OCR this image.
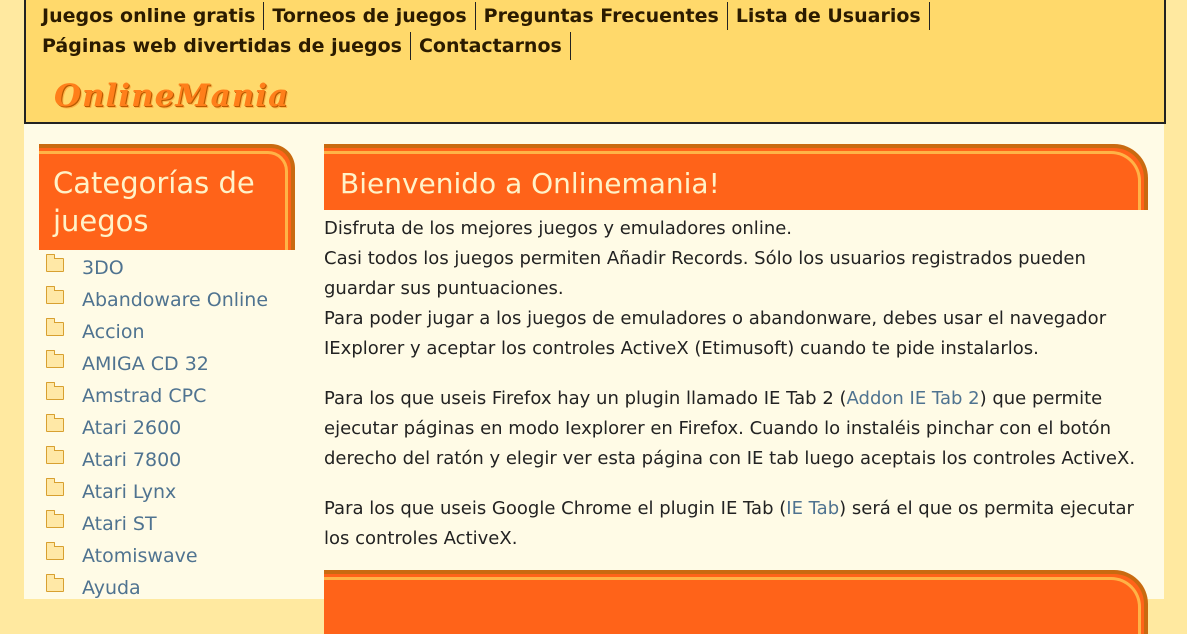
Juegos online gratis Torneos de juegos Preguntas Frecuentes Lista de Usuarios
Páginas web divertidas de juegos Contactarnos
OnlineMania
Categorías de juegos
3DO
Abandoware Online
Accion
AMIGA CD 32
Amstrad CPC
Atari 2600
Atari 7800
Atari Lynx
Atari ST
Atomiswave
Ayuda
Bienvenido a Onlinemania!

Disfruta de los mejores juegos y emuladores online.
Casi todos los juegos permiten Añadir Records. Sólo los usuarios registrados pueden guardar sus puntuaciones.
Para poder jugar a los juegos de emuladores o abandonware, debes usar el navegador IExplorer y aceptar los controles ActiveX (Etimusoft) cuando te pide instalarlos.

Para los que useis Firefox hay un plugin llamado IE Tab 2 (Addon IE Tab 2) que permite ejecutar páginas en modo Iexplorer en Firefox. Cuando lo instaléis pinchar con el botón derecho del ratón y elegir ver esta página con IE tab luego aceptais los controles ActiveX.

Para los que useis Google Chrome el plugin IE Tab (IE Tab) será el que os permita ejecutar los controles ActiveX.
